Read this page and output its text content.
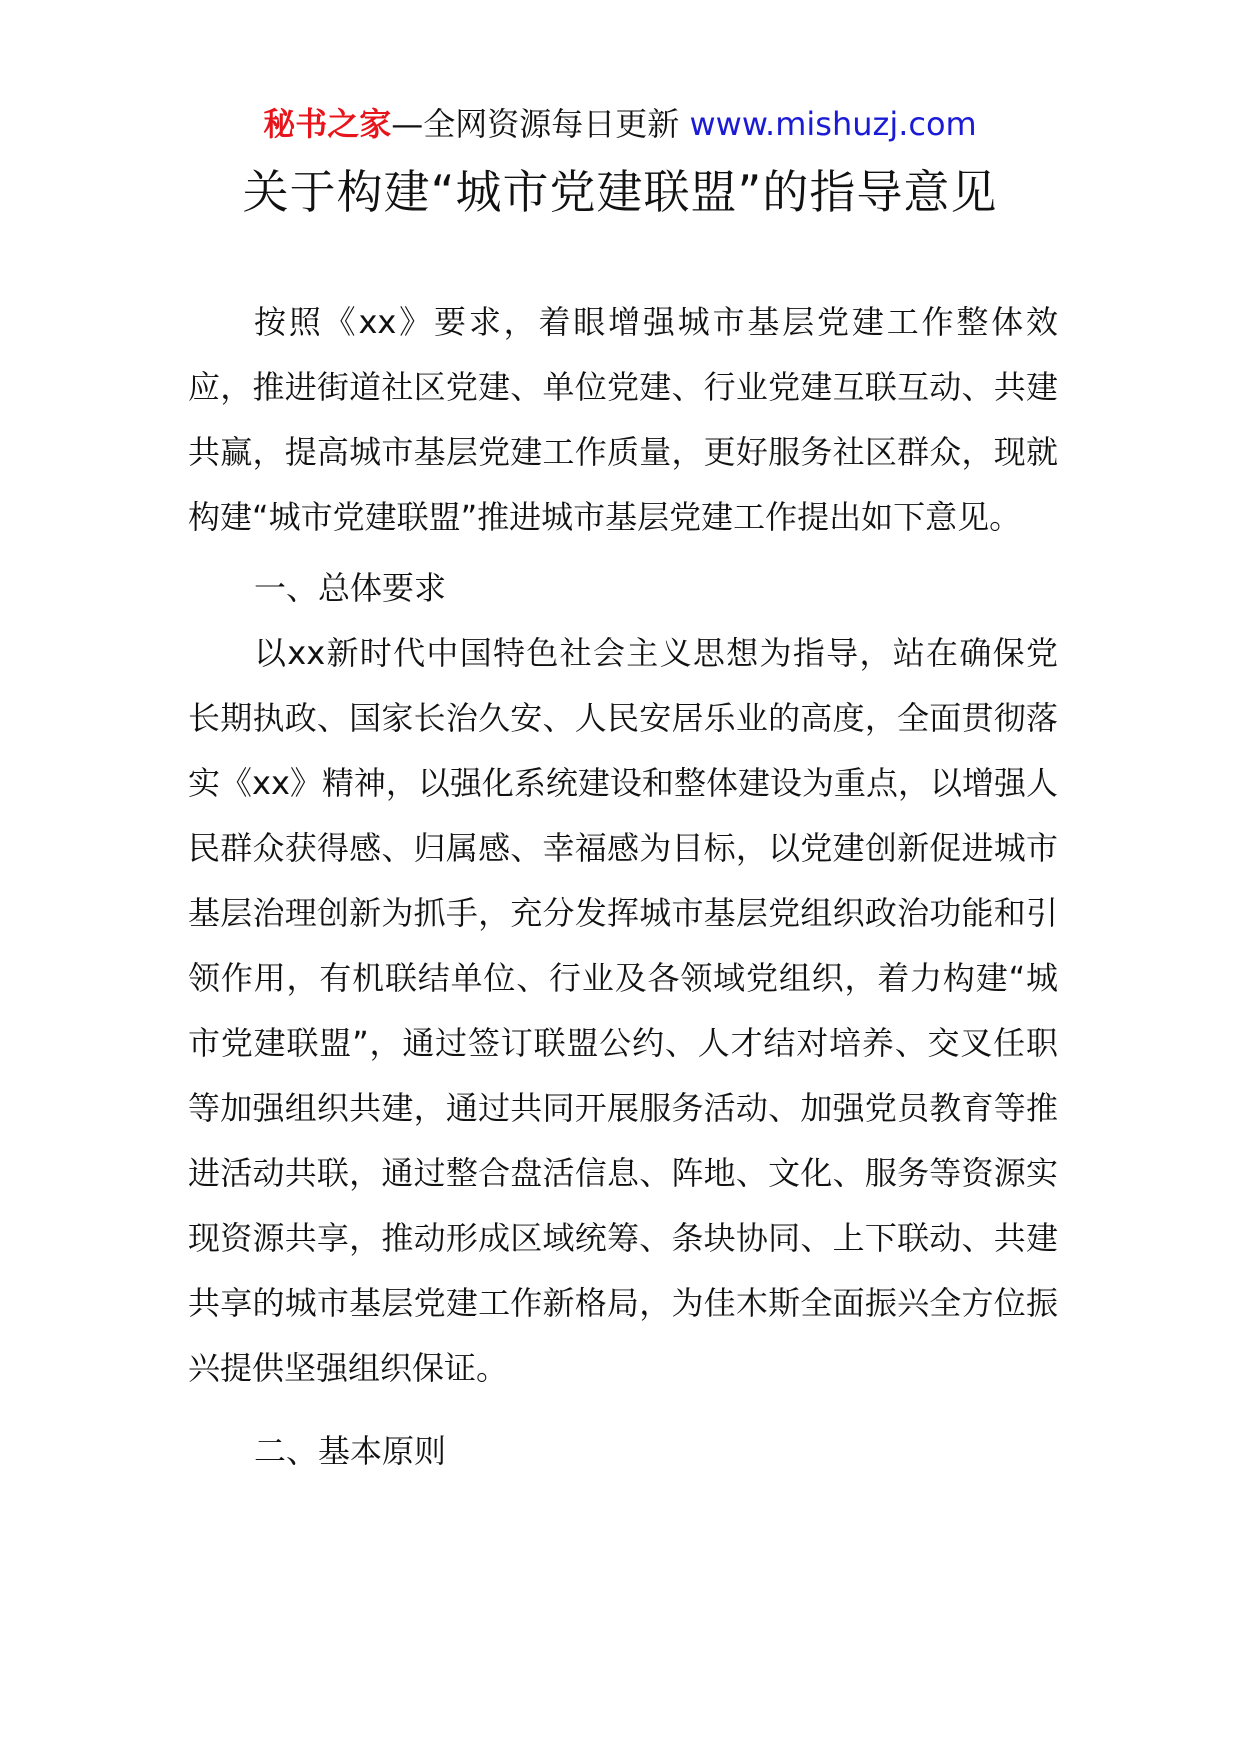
秘书之家—全网资源每日更新 www.mishuzj.com
关于构建“城市党建联盟”的指导意见

按照《xx》要求，着眼增强城市基层党建工作整体效应，推进街道社区党建、单位党建、行业党建互联互动、共建共赢，提高城市基层党建工作质量，更好服务社区群众，现就构建“城市党建联盟”推进城市基层党建工作提出如下意见。

一、总体要求

以xx新时代中国特色社会主义思想为指导，站在确保党长期执政、国家长治久安、人民安居乐业的高度，全面贯彻落实《xx》精神，以强化系统建设和整体建设为重点，以增强人民群众获得感、归属感、幸福感为目标，以党建创新促进城市基层治理创新为抓手，充分发挥城市基层党组织政治功能和引领作用，有机联结单位、行业及各领域党组织，着力构建“城市党建联盟”，通过签订联盟公约、人才结对培养、交叉任职等加强组织共建，通过共同开展服务活动、加强党员教育等推进活动共联，通过整合盘活信息、阵地、文化、服务等资源实现资源共享，推动形成区域统筹、条块协同、上下联动、共建共享的城市基层党建工作新格局，为佳木斯全面振兴全方位振兴提供坚强组织保证。

二、基本原则
